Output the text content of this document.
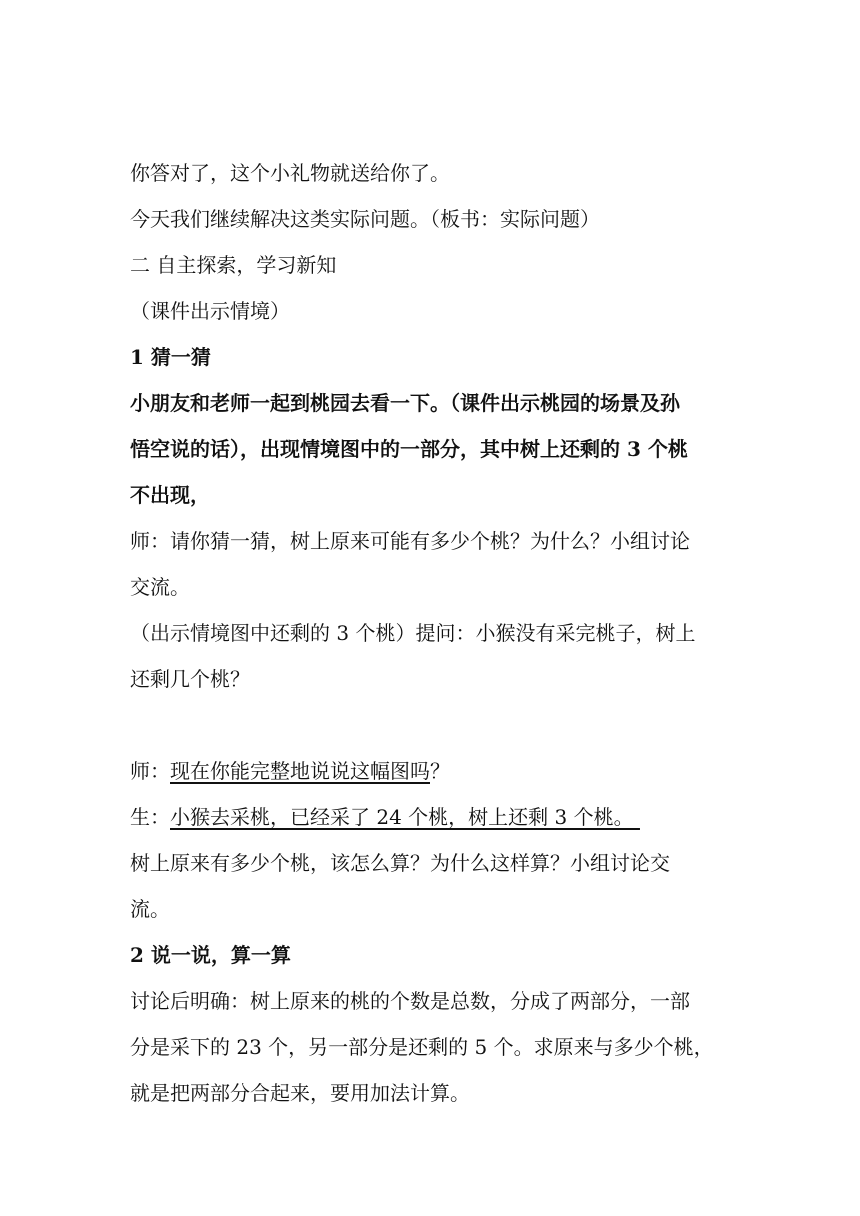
你答对了，这个小礼物就送给你了。

今天我们继续解决这类实际问题。（板书：实际问题）

二 自主探索，学习新知

（课件出示情境）

1 猜一猜

小朋友和老师一起到桃园去看一下。（课件出示桃园的场景及孙

悟空说的话），出现情境图中的一部分，其中树上还剩的 3 个桃

不出现，

师：请你猜一猜，树上原来可能有多少个桃？为什么？小组讨论

交流。

（出示情境图中还剩的 3 个桃）提问：小猴没有采完桃子，树上

还剩几个桃？

师：现在你能完整地说说这幅图吗？

生：小猴去采桃，已经采了 24 个桃，树上还剩 3 个桃。

树上原来有多少个桃，该怎么算？为什么这样算？小组讨论交

流。

2 说一说，算一算

讨论后明确：树上原来的桃的个数是总数，分成了两部分，一部

分是采下的 23 个，另一部分是还剩的 5 个。求原来与多少个桃，

就是把两部分合起来，要用加法计算。
